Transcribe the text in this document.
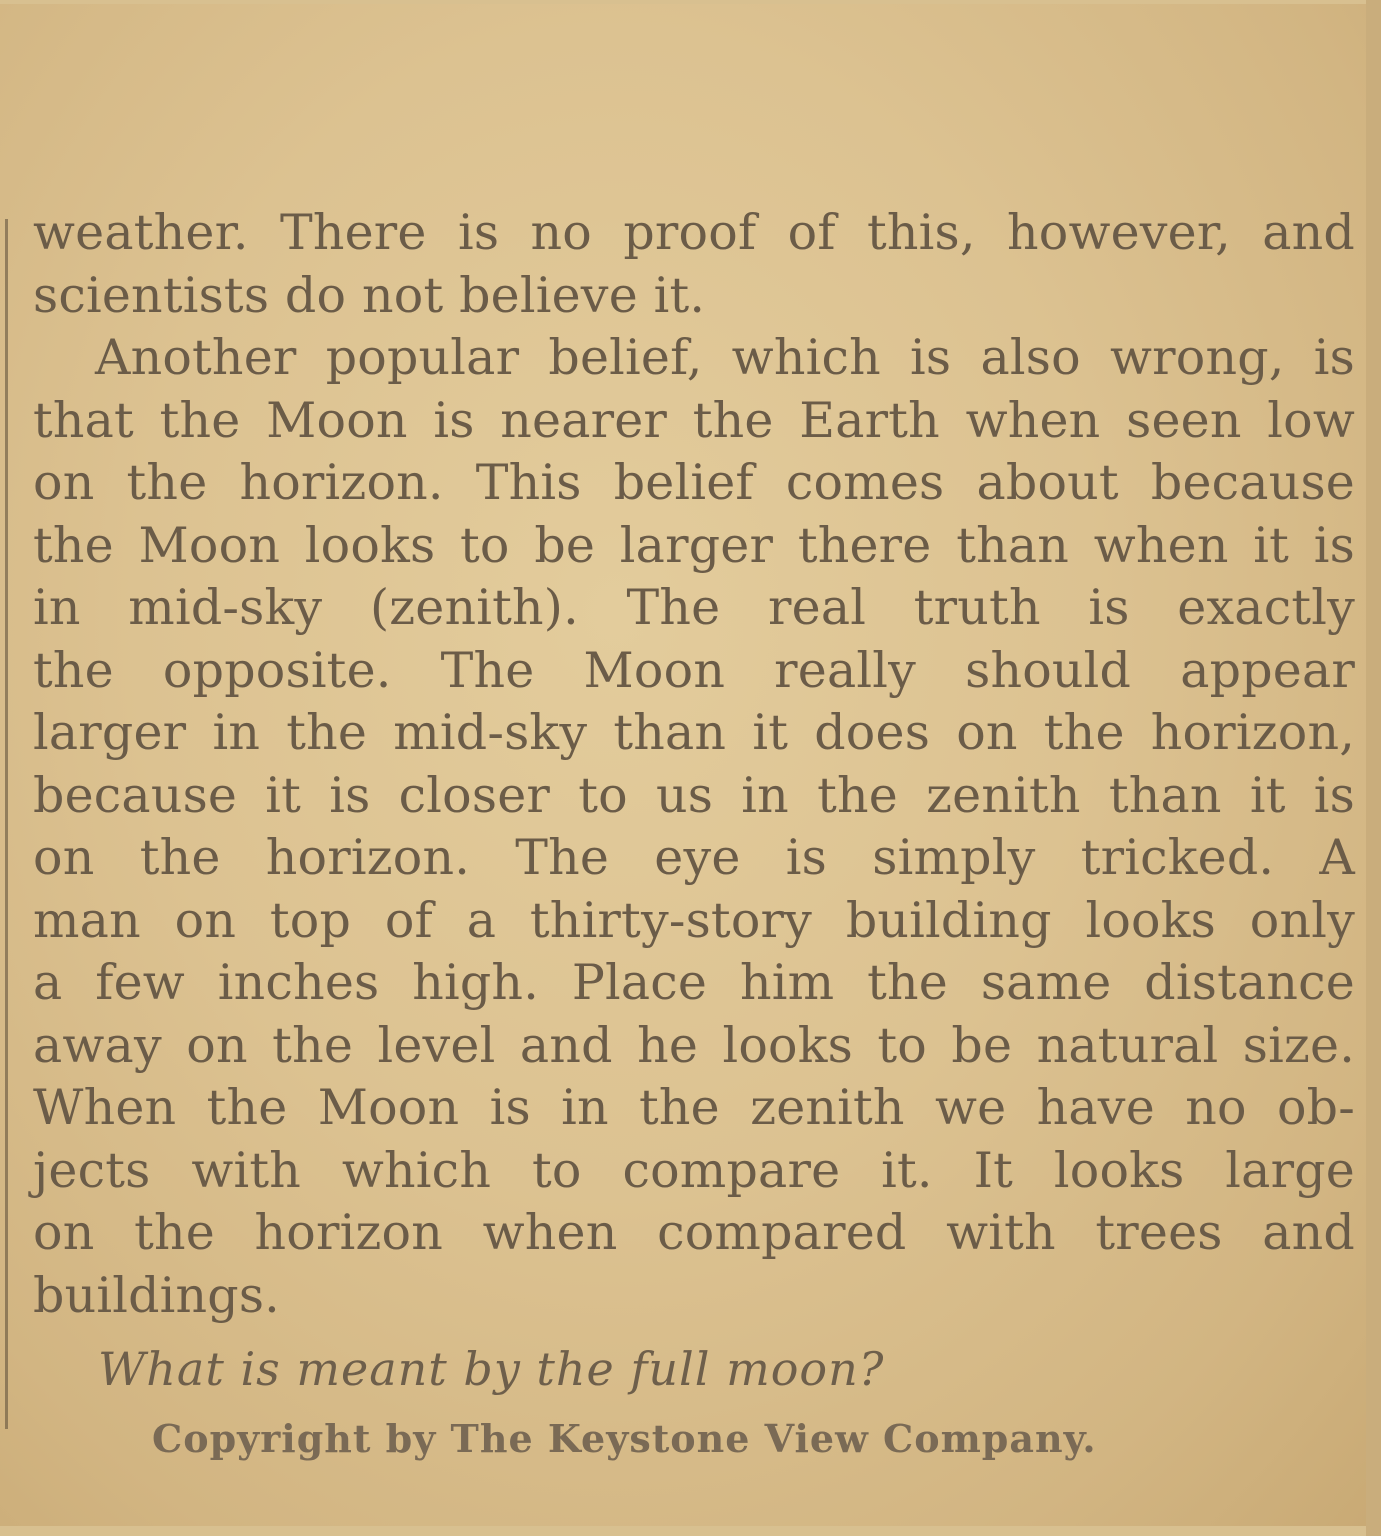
weather. There is no proof of this, however, and
scientists do not believe it.
Another popular belief, which is also wrong, is
that the Moon is nearer the Earth when seen low
on the horizon. This belief comes about because
the Moon looks to be larger there than when it is
in mid-sky (zenith). The real truth is exactly
the opposite. The Moon really should appear
larger in the mid-sky than it does on the horizon,
because it is closer to us in the zenith than it is
on the horizon. The eye is simply tricked. A
man on top of a thirty-story building looks only
a few inches high. Place him the same distance
away on the level and he looks to be natural size.
When the Moon is in the zenith we have no ob-
jects with which to compare it. It looks large
on the horizon when compared with trees and
buildings.
What is meant by the full moon?
Copyright by The Keystone View Company.
